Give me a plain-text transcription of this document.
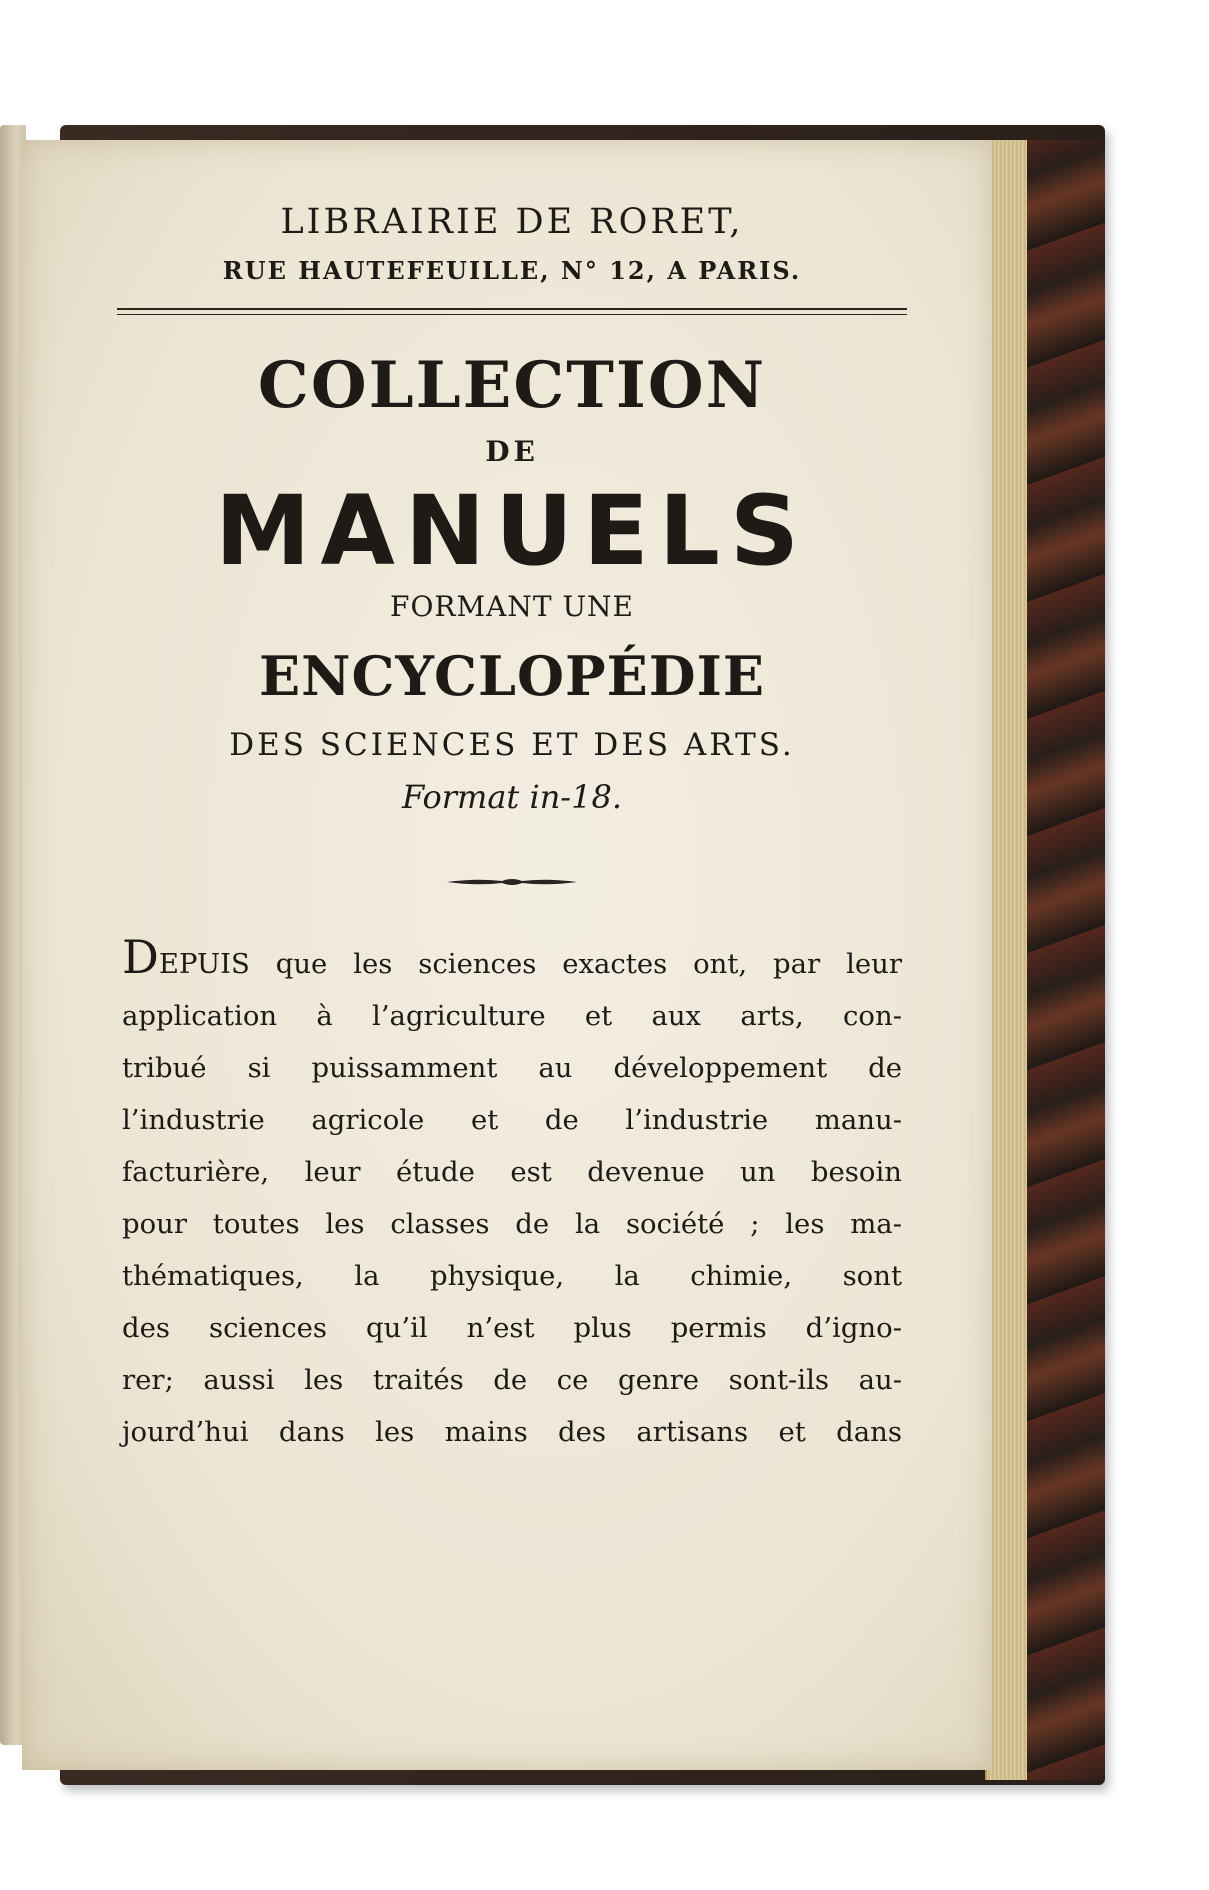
LIBRAIRIE DE RORET,

RUE HAUTEFEUILLE, N° 12, A PARIS.

COLLECTION

DE

MANUELS

FORMANT UNE

ENCYCLOPÉDIE

DES SCIENCES ET DES ARTS.

Format in-18.

DEPUIS que les sciences exactes ont, par leur
application à l’agriculture et aux arts, con-
tribué si puissamment au développement de
l’industrie agricole et de l’industrie manu-
facturière, leur étude est devenue un besoin
pour toutes les classes de la société ; les ma-
thématiques, la physique, la chimie, sont
des sciences qu’il n’est plus permis d’igno-
rer; aussi les traités de ce genre sont-ils au-
jourd’hui dans les mains des artisans et dans
